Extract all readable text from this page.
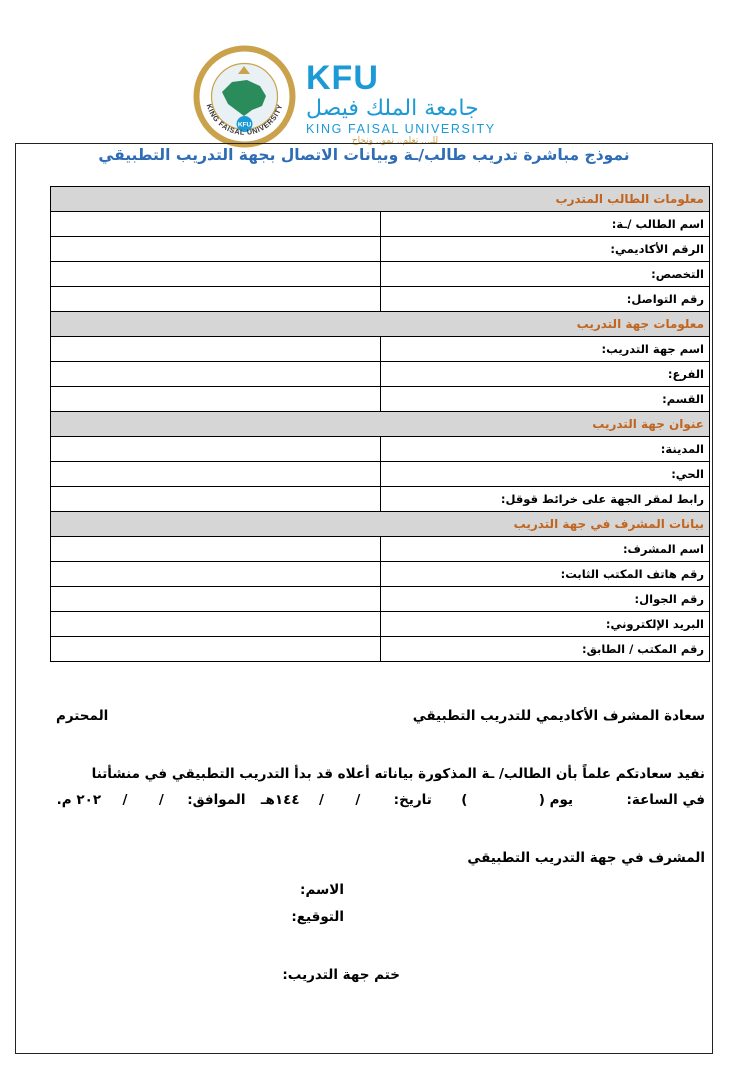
KFU
KING FAISAL UNIVERSITY
KFU
جامعة الملك فيصل
KING FAISAL UNIVERSITY
للـ... تعلم.. نمو.. ونجاح
نموذج مباشرة تدريب طالب/ـة وبيانات الاتصال بجهة التدريب التطبيقي
معلومات الطالب المتدرب	
اسم الطالب /ـة:	
الرقم الأكاديمي:	
التخصص:	
رقم التواصل:	
معلومات جهة التدريب	
اسم جهة التدريب:	
الفرع:	
القسم:	
عنوان جهة التدريب	
المدينة:	
الحي:	
رابط لمقر الجهة على خرائط قوقل:	
بيانات المشرف في جهة التدريب	
اسم المشرف:	
رقم هاتف المكتب الثابت:	
رقم الجوال:	
البريد الإلكتروني:	
رقم المكتب / الطابق:	
سعادة المشرف الأكاديمي للتدريب التطبيقي
المحترم
نفيد سعادتكم علماً بأن الطالب/ ـة المذكورة بياناته أعلاه قد بدأ التدريب التطبيقي في منشأتنا
في الساعة:  يوم (  )  تاريخ:  /  /  ١٤٤هـ  الموافق:  /  /  ٢٠٢ م.
المشرف في جهة التدريب التطبيقي
الاسم:
التوقيع:
ختم جهة التدريب:
